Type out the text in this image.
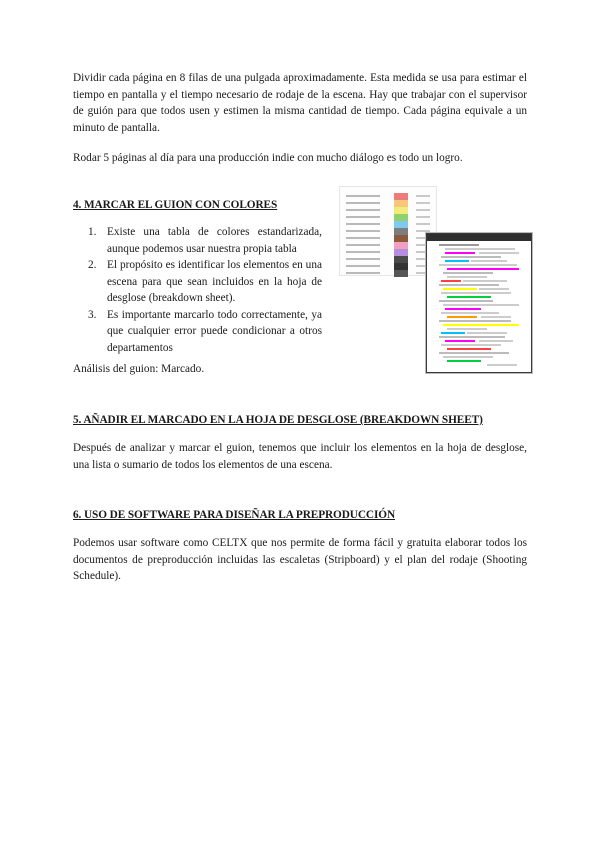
Dividir cada página en 8 filas de una pulgada aproximadamente. Esta medida se usa para estimar el tiempo en pantalla y el tiempo necesario de rodaje de la escena. Hay que trabajar con el supervisor de guión para que todos usen y estimen la misma cantidad de tiempo. Cada página equivale a un minuto de pantalla.

Rodar 5 páginas al día para una producción indie con mucho diálogo es todo un logro.

4. MARCAR EL GUION CON COLORES
1. Existe una tabla de colores estandarizada, aunque podemos usar nuestra propia tabla
2. El propósito es identificar los elementos en una escena para que sean incluidos en la hoja de desglose (breakdown sheet).
3. Es importante marcarlo todo correctamente, ya que cualquier error puede condicionar a otros departamentos

Análisis del guion: Marcado.

5. AÑADIR EL MARCADO EN LA HOJA DE DESGLOSE (BREAKDOWN SHEET)

Después de analizar y marcar el guion, tenemos que incluir los elementos en la hoja de desglose, una lista o sumario de todos los elementos de una escena.

6. USO DE SOFTWARE PARA DISEÑAR LA PREPRODUCCIÓN

Podemos usar software como CELTX que nos permite de forma fácil y gratuita elaborar todos los documentos de preproducción incluidas las escaletas (Stripboard) y el plan del rodaje (Shooting Schedule).
